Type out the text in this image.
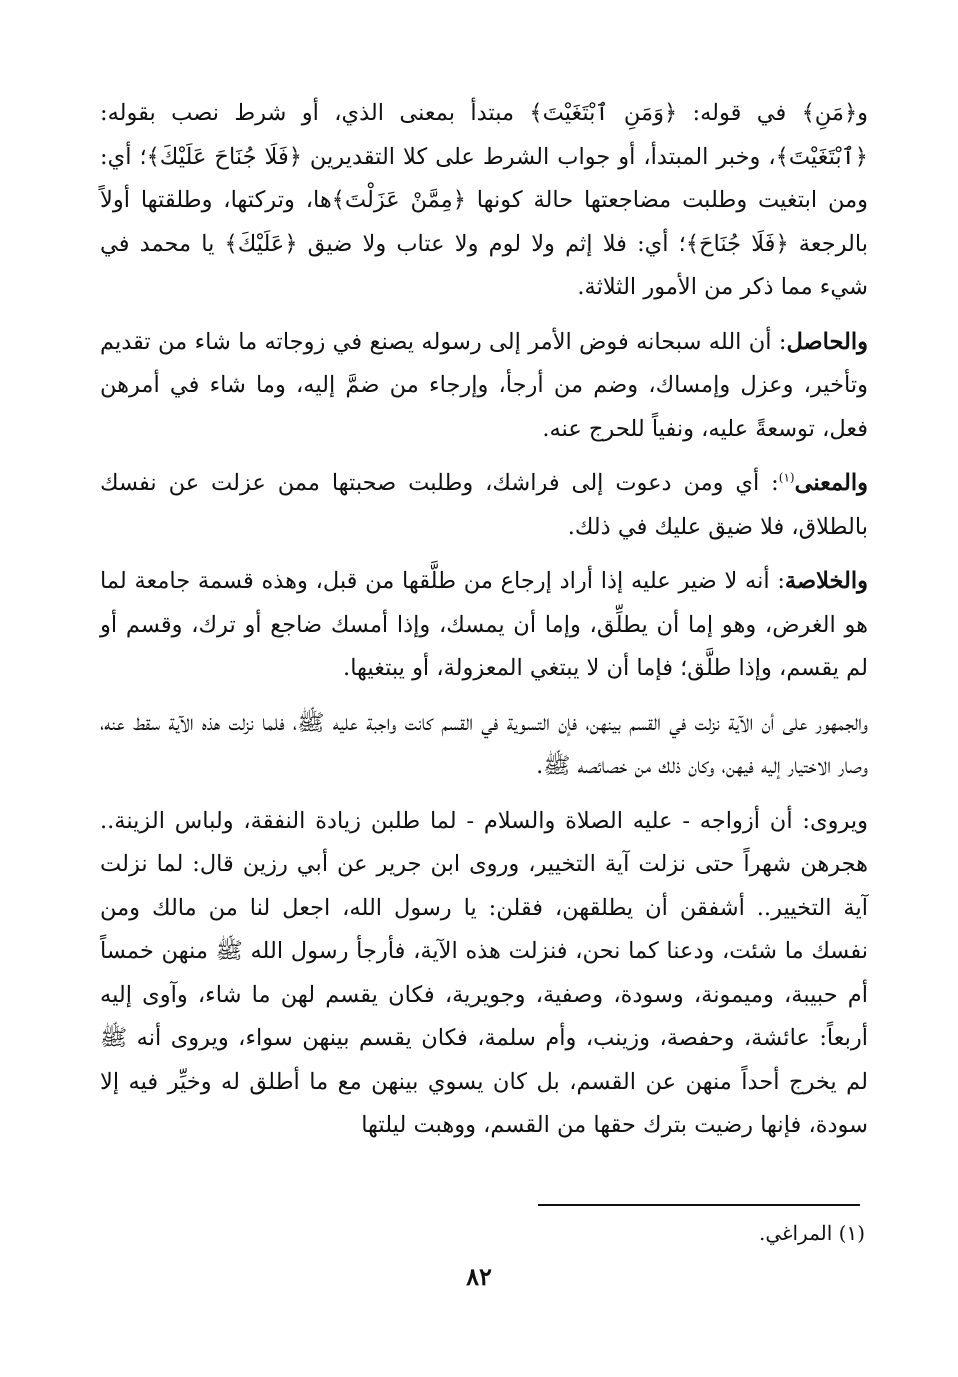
و﴿مَنِ﴾ في قوله: ﴿وَمَنِ ٱبْتَغَيْتَ﴾ مبتدأ بمعنى الذي، أو شرط نصب بقوله: ﴿ٱبْتَغَيْتَ﴾، وخبر المبتدأ، أو جواب الشرط على كلا التقديرين ﴿فَلَا جُنَاحَ عَلَيْكَ﴾؛ أي: ومن ابتغيت وطلبت مضاجعتها حالة كونها ﴿مِمَّنْ عَزَلْتَ﴾ها، وتركتها، وطلقتها أولاً بالرجعة ﴿فَلَا جُنَاحَ﴾؛ أي: فلا إثم ولا لوم ولا عتاب ولا ضيق ﴿عَلَيْكَ﴾ يا محمد في شيء مما ذكر من الأمور الثلاثة.

والحاصل: أن الله سبحانه فوض الأمر إلى رسوله يصنع في زوجاته ما شاء من تقديم وتأخير، وعزل وإمساك، وضم من أرجأ، وإرجاء من ضمَّ إليه، وما شاء في أمرهن فعل، توسعةً عليه، ونفياً للحرج عنه.

والمعنى$^{(١)}$: أي ومن دعوت إلى فراشك، وطلبت صحبتها ممن عزلت عن نفسك بالطلاق، فلا ضيق عليك في ذلك.

والخلاصة: أنه لا ضير عليه إذا أراد إرجاع من طلَّقها من قبل، وهذه قسمة جامعة لما هو الغرض، وهو إما أن يطلِّق، وإما أن يمسك، وإذا أمسك ضاجع أو ترك، وقسم أو لم يقسم، وإذا طلَّق؛ فإما أن لا يبتغي المعزولة، أو يبتغيها.

والجمهور على أن الآية نزلت في القسم بينهن، فإن التسوية في القسم كانت واجبة عليه ﷺ، فلما نزلت هذه الآية سقط عنه، وصار الاختيار إليه فيهن، وكان ذلك من خصائصه ﷺ.

ويروى: أن أزواجه - عليه الصلاة والسلام - لما طلبن زيادة النفقة، ولباس الزينة.. هجرهن شهراً حتى نزلت آية التخيير، وروى ابن جرير عن أبي رزين قال: لما نزلت آية التخيير.. أشفقن أن يطلقهن، فقلن: يا رسول الله، اجعل لنا من مالك ومن نفسك ما شئت، ودعنا كما نحن، فنزلت هذه الآية، فأرجأ رسول الله ﷺ منهن خمساً أم حبيبة، وميمونة، وسودة، وصفية، وجويرية، فكان يقسم لهن ما شاء، وآوى إليه أربعاً: عائشة، وحفصة، وزينب، وأم سلمة، فكان يقسم بينهن سواء، ويروى أنه ﷺ لم يخرج أحداً منهن عن القسم، بل كان يسوي بينهن مع ما أطلق له وخيِّر فيه إلا سودة، فإنها رضيت بترك حقها من القسم، ووهبت ليلتها

(١) المراغي.
٨٢
